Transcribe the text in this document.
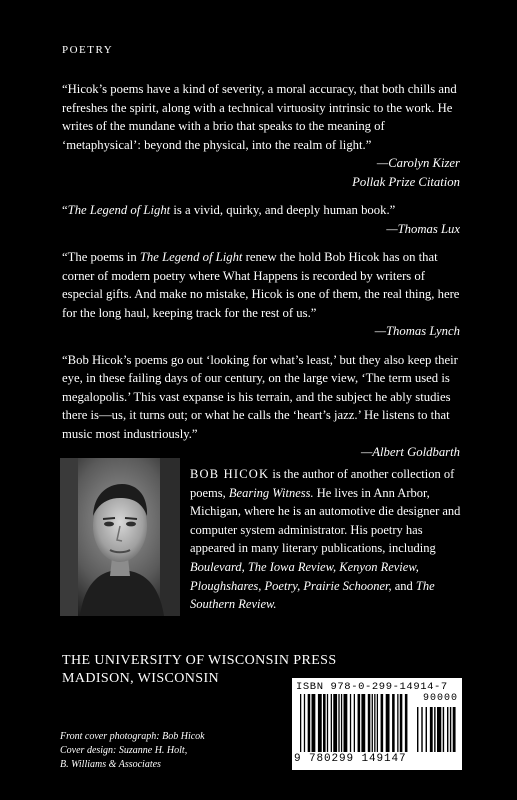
POETRY

“Hicok’s poems have a kind of severity, a moral accuracy, that both chills and refreshes the spirit, along with a technical virtuosity intrinsic to the work. He writes of the mundane with a brio that speaks to the meaning of ‘metaphysical’: beyond the physical, into the realm of light.”

—Carolyn Kizer
Pollak Prize Citation

“The Legend of Light is a vivid, quirky, and deeply human book.”

—Thomas Lux

“The poems in The Legend of Light renew the hold Bob Hicok has on that corner of modern poetry where What Happens is recorded by writers of especial gifts. And make no mistake, Hicok is one of them, the real thing, here for the long haul, keeping track for the rest of us.”

—Thomas Lynch

“Bob Hicok’s poems go out ‘looking for what’s least,’ but they also keep their eye, in these failing days of our century, on the large view, ‘The term used is megalopolis.’ This vast expanse is his terrain, and the subject he ably studies there is—us, it turns out; or what he calls the ‘heart’s jazz.’ He listens to that music most industriously.”

—Albert Goldbarth
BOB HICOK is the author of another collection of poems, Bearing Witness. He lives in Ann Arbor, Michigan, where he is an automotive die designer and computer system administrator. His poetry has appeared in many literary publications, including Boulevard, The Iowa Review, Kenyon Review, Ploughshares, Poetry, Prairie Schooner, and The Southern Review.
THE UNIVERSITY OF WISCONSIN PRESS
MADISON, WISCONSIN
Front cover photograph: Bob Hicok
Cover design: Suzanne H. Holt,
B. Williams & Associates
ISBN 978-0-299-14914-7
90000
9 780299 149147
